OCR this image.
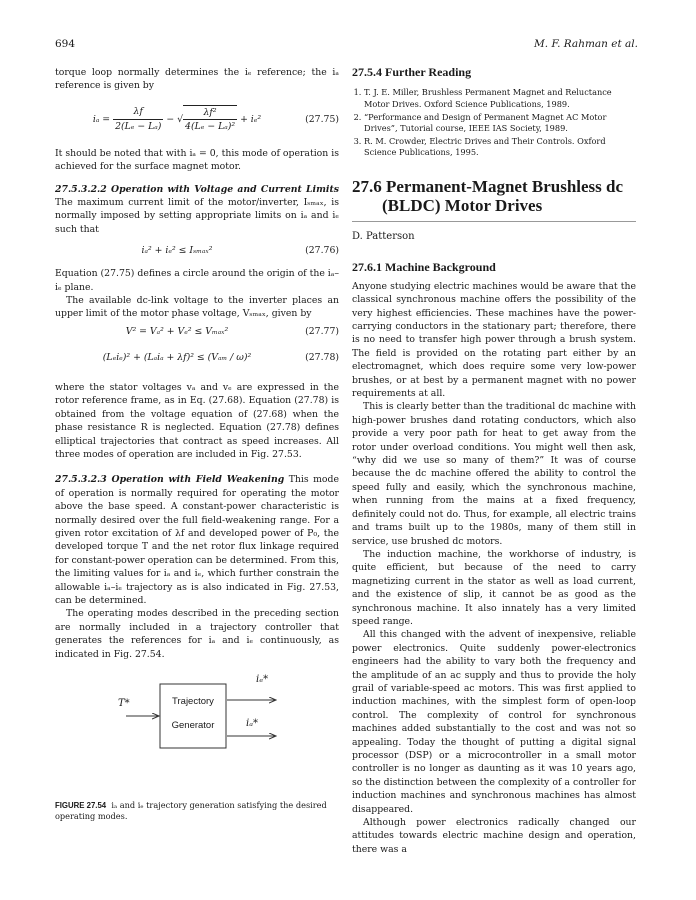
694	M. F. Rahman et al.

torque loop normally determines the iₑ reference; the iₐ reference is given by

$i_a = \frac{\lambda f}{\text{2(Lₑ − Lₐ)}}$ − √ $\frac{\text{λf²}}{\text{4(Lₑ − Lₐ)²}} + i_e^2$	(27.75)

It should be noted that with iₐ = 0, this mode of operation is achieved for the surface magnet motor.

27.5.3.2.2 Operation with Voltage and Current Limits The maximum current limit of the motor/inverter, Iₛₘₐₓ, is normally imposed by setting appropriate limits on iₐ and iₑ such that

iₐ² + iₑ² ≤ Iₛₘₐₓ²	(27.76)

Equation (27.75) defines a circle around the origin of the iₐ–iₑ plane.

The available dc-link voltage to the inverter places an upper limit of the motor phase voltage, Vₛₘₐₓ, given by

V² = Vₐ² + Vₑ² ≤ Vₘₐₓ²	(27.77)
(Lₑiₑ)² + (Lₐiₐ + λf)² ≤ (Vₐₘ / ω)²	(27.78)

where the stator voltages vₐ and vₑ are expressed in the rotor reference frame, as in Eq. (27.68). Equation (27.78) is obtained from the voltage equation of (27.68) when the phase resistance R is neglected. Equation (27.78) defines elliptical trajectories that contract as speed increases. All three modes of operation are included in Fig. 27.53.

27.5.3.2.3 Operation with Field Weakening This mode of operation is normally required for operating the motor above the base speed. A constant-power characteristic is normally desired over the full field-weakening range. For a given rotor excitation of λf and developed power of P₀, the developed torque T and the net rotor flux linkage required for constant-power operation can be determined. From this, the limiting values for iₐ and iₑ, which further constrain the allowable iₐ–iₑ trajectory as is also indicated in Fig. 27.53, can be determined.

The operating modes described in the preceding section are normally included in a trajectory controller that generates the references for iₐ and iₑ continuously, as indicated in Fig. 27.54.

T*	Trajectory
Generator
iₑ*
iₐ*
FIGURE 27.54 iₐ and iₑ trajectory generation satisfying the desired operating modes.
27.5.4 Further Reading
1. T. J. E. Miller, Brushless Permanent Magnet and Reluctance Motor Drives. Oxford Science Publications, 1989.
2. “Performance and Design of Permanent Magnet AC Motor Drives”, Tutorial course, IEEE IAS Society, 1989.
3. R. M. Crowder, Electric Drives and Their Controls. Oxford Science Publications, 1995.
27.6 Permanent-Magnet Brushless dc
(BLDC) Motor Drives
D. Patterson
27.6.1 Machine Background

Anyone studying electric machines would be aware that the classical synchronous machine offers the possibility of the very highest efficiencies. These machines have the power-carrying conductors in the stationary part; therefore, there is no need to transfer high power through a brush system. The field is provided on the rotating part either by an electromagnet, which does require some very low-power brushes, or at best by a permanent magnet with no power requirements at all.

This is clearly better than the traditional dc machine with high-power brushes dand rotating conductors, which also provide a very poor path for heat to get away from the rotor under overload conditions. You might well then ask, “why did we use so many of them?” It was of course because the dc machine offered the ability to control the speed fully and easily, which the synchronous machine, when running from the mains at a fixed frequency, definitely could not do. Thus, for example, all electric trains and trams built up to the 1980s, many of them still in service, use brushed dc motors.

The induction machine, the workhorse of industry, is quite efficient, but because of the need to carry magnetizing current in the stator as well as load current, and the existence of slip, it cannot be as good as the synchronous machine. It also innately has a very limited speed range.

All this changed with the advent of inexpensive, reliable power electronics. Quite suddenly power-electronics engineers had the ability to vary both the frequency and the amplitude of an ac supply and thus to provide the holy grail of variable-speed ac motors. This was first applied to induction machines, with the simplest form of open-loop control. The complexity of control for synchronous machines added substantially to the cost and was not so appealing. Today the thought of putting a digital signal processor (DSP) or a microcontroller in a small motor controller is no longer as daunting as it was 10 years ago, so the distinction between the complexity of a controller for induction machines and synchronous machines has almost disappeared.

Although power electronics radically changed our attitudes towards electric machine design and operation, there was a
